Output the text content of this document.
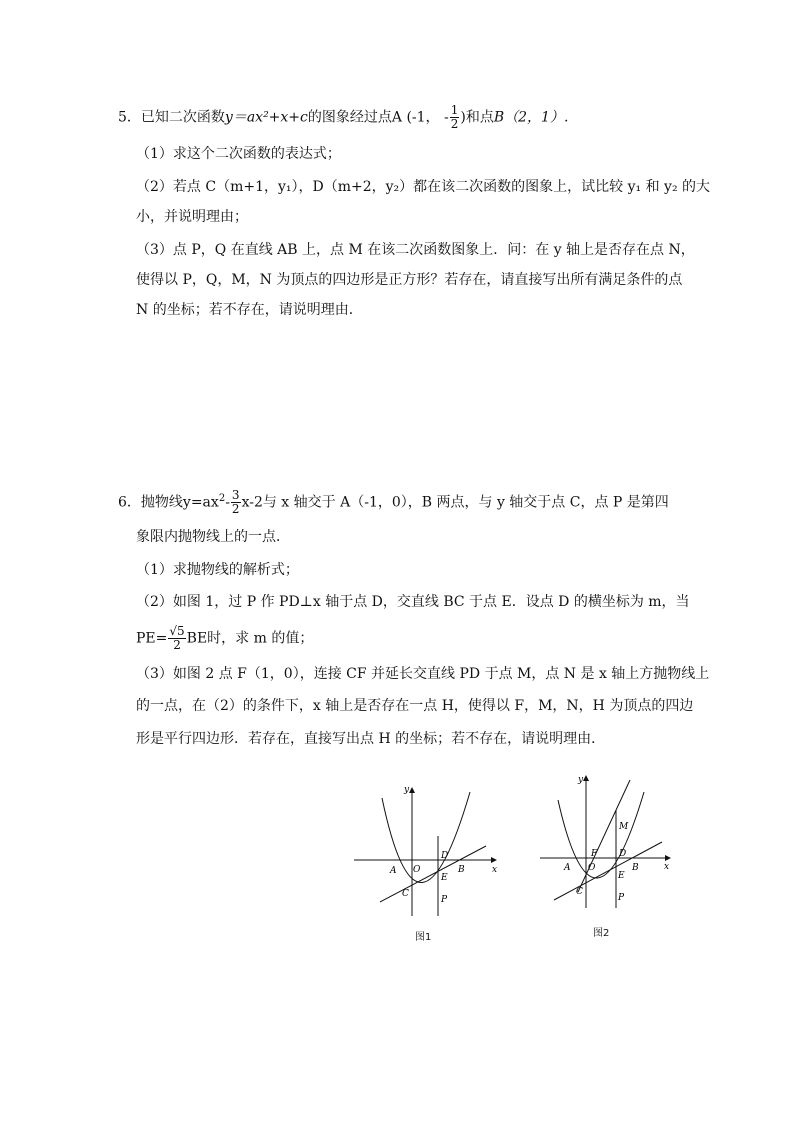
5．已知二次函数y＝ax²+x+c的图象经过点A (-1， - $\frac{1}{2}$ )和点B（2，1）.
（1）求这个二次函数的表达式；
（2）若点 C（m+1，y₁），D（m+2，y₂）都在该二次函数的图象上，试比较 y₁ 和 y₂ 的大
小，并说明理由；
（3）点 P，Q 在直线 AB 上，点 M 在该二次函数图象上．问：在 y 轴上是否存在点 N，
使得以 P，Q，M，N 为顶点的四边形是正方形？若存在，请直接写出所有满足条件的点
N 的坐标；若不存在，请说明理由．
6．抛物线$y=ax^2- \frac{3}{2} x-2$与 x 轴交于 A（-1，0），B 两点，与 y 轴交于点 C，点 P 是第四
象限内抛物线上的一点．
（1）求抛物线的解析式；
（2）如图 1，过 P 作 PD⊥x 轴于点 D，交直线 BC 于点 E．设点 D 的横坐标为 m，当
$PE= \frac{√5}{2}$ BE时，求 m 的值；
（3）如图 2 点 F（1，0），连接 CF 并延长交直线 PD 于点 M，点 N 是 x 轴上方抛物线上
的一点，在（2）的条件下，x 轴上是否存在一点 H，使得以 F，M，N，H 为顶点的四边
形是平行四边形．若存在，直接写出点 H 的坐标；若不存在，请说明理由．
y
x
A O
D
B
E
C
P
图1
y
x
M
F D
A O	B
E
C
P
图2
